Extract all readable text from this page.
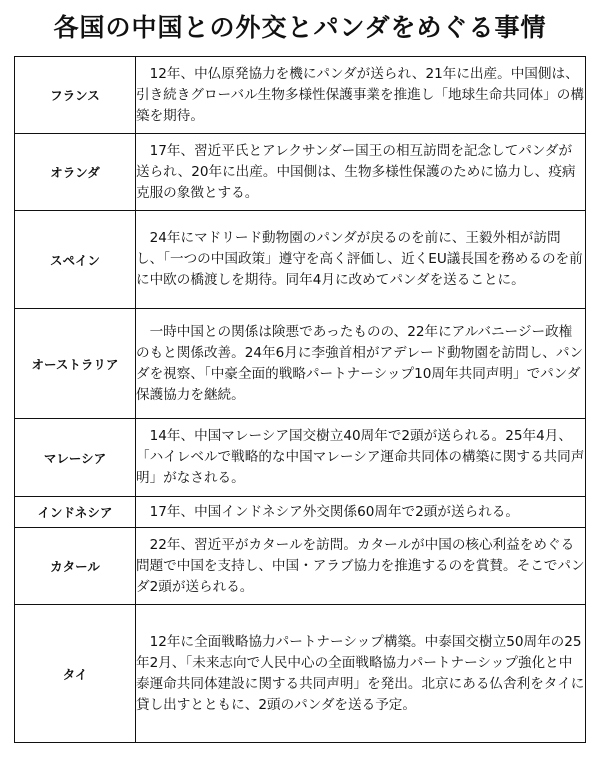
各国の中国との外交とパンダをめぐる事情
フランス	12年、中仏原発協力を機にパンダが送られ、21年に出産。中国側は、引き続きグローバル生物多様性保護事業を推進し「地球生命共同体」の構築を期待。
オランダ	17年、習近平氏とアレクサンダー国王の相互訪問を記念してパンダが送られ、20年に出産。中国側は、生物多様性保護のために協力し、疫病克服の象徴とする。
スペイン	24年にマドリード動物園のパンダが戻るのを前に、王毅外相が訪問し、「一つの中国政策」遵守を高く評価し、近くEU議長国を務めるのを前に中欧の橋渡しを期待。同年4月に改めてパンダを送ることに。
オーストラリア	一時中国との関係は険悪であったものの、22年にアルバニージー政権のもと関係改善。24年6月に李強首相がアデレード動物園を訪問し、パンダを視察、「中豪全面的戦略パートナーシップ10周年共同声明」でパンダ保護協力を継続。
マレーシア	14年、中国マレーシア国交樹立40周年で2頭が送られる。25年4月、「ハイレベルで戦略的な中国マレーシア運命共同体の構築に関する共同声明」がなされる。
インドネシア	17年、中国インドネシア外交関係60周年で2頭が送られる。
カタール	22年、習近平がカタールを訪問。カタールが中国の核心利益をめぐる問題で中国を支持し、中国・アラブ協力を推進するのを賞賛。そこでパンダ2頭が送られる。
タイ	12年に全面戦略協力パートナーシップ構築。中泰国交樹立50周年の25年2月、「未来志向で人民中心の全面戦略協力パートナーシップ強化と中泰運命共同体建設に関する共同声明」を発出。北京にある仏舎利をタイに貸し出すとともに、2頭のパンダを送る予定。
